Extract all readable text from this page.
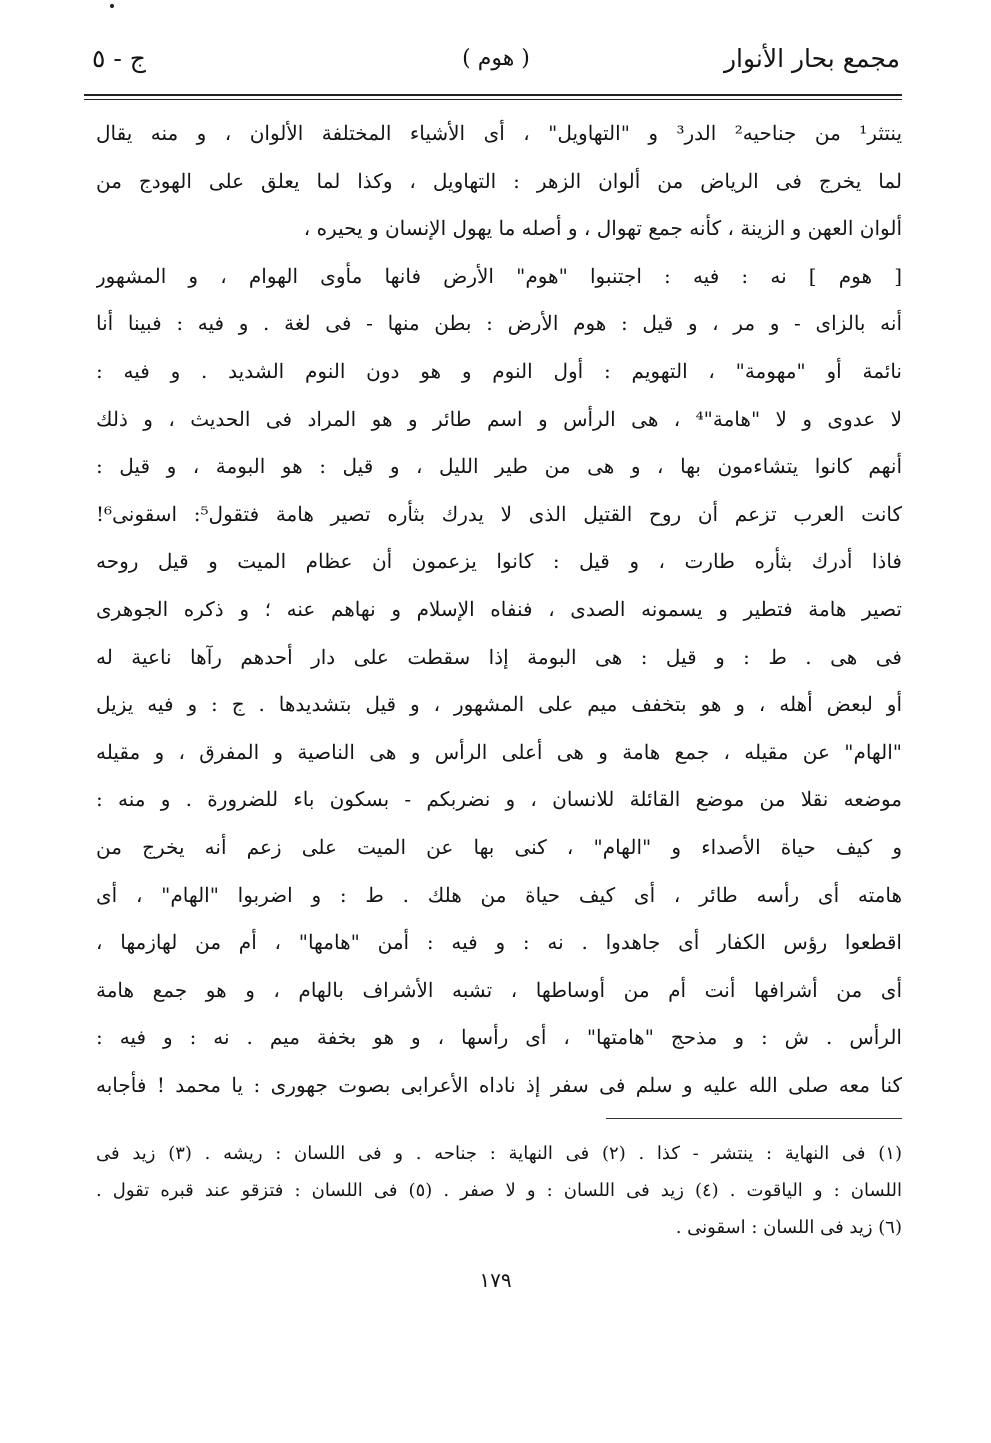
مجمع بحار الأنوار
( هوم )
ج - ٥
ينتثر¹ من جناحيه² الدر³ و "التهاويل" ، أى الأشياء المختلفة الألوان ، و منه يقال
لما يخرج فى الرياض من ألوان الزهر : التهاويل ، وكذا لما يعلق على الهودج من
ألوان العهن و الزينة ، كأنه جمع تهوال ، و أصله ما يهول الإنسان و يحيره ،
[ هوم ] نه : فيه : اجتنبوا "هوم" الأرض فانها مأوى الهوام ، و المشهور
أنه بالزاى - و مر ، و قيل : هوم الأرض : بطن منها - فى لغة . و فيه : فبينا أنا
نائمة أو "مهومة" ، التهويم : أول النوم و هو دون النوم الشديد . و فيه :
لا عدوى و لا "هامة"⁴ ، هى الرأس و اسم طائر و هو المراد فى الحديث ، و ذلك
أنهم كانوا يتشاءمون بها ، و هى من طير الليل ، و قيل : هو البومة ، و قيل :
كانت العرب تزعم أن روح القتيل الذى لا يدرك بثأره تصير هامة فتقول⁵: اسقونى⁶!
فاذا أدرك بثأره طارت ، و قيل : كانوا يزعمون أن عظام الميت و قيل روحه
تصير هامة فتطير و يسمونه الصدى ، فنفاه الإسلام و نهاهم عنه ؛ و ذكره الجوهرى
فى هى . ط : و قيل : هى البومة إذا سقطت على دار أحدهم رآها ناعية له
أو لبعض أهله ، و هو بتخفف ميم على المشهور ، و قيل بتشديدها . ج : و فيه يزيل
"الهام" عن مقيله ، جمع هامة و هى أعلى الرأس و هى الناصية و المفرق ، و مقيله
موضعه نقلا من موضع القائلة للانسان ، و نضربكم - بسكون باء للضرورة . و منه :
و كيف حياة الأصداء و "الهام" ، كنى بها عن الميت على زعم أنه يخرج من
هامته أى رأسه طائر ، أى كيف حياة من هلك . ط : و اضربوا "الهام" ، أى
اقطعوا رؤس الكفار أى جاهدوا . نه : و فيه : أمن "هامها" ، أم من لهازمها ،
أى من أشرافها أنت أم من أوساطها ، تشبه الأشراف بالهام ، و هو جمع هامة
الرأس . ش : و مذحج "هامتها" ، أى رأسها ، و هو بخفة ميم . نه : و فيه :
كنا معه صلى الله عليه و سلم فى سفر إذ ناداه الأعرابى بصوت جهورى : يا محمد ! فأجابه
(١) فى النهاية : ينتشر - كذا . (٢) فى النهاية : جناحه . و فى اللسان : ريشه . (٣) زيد فى
اللسان : و الياقوت . (٤) زيد فى اللسان : و لا صفر . (٥) فى اللسان : فتزقو عند قبره تقول .
(٦) زيد فى اللسان : اسقونى .
١٧٩
